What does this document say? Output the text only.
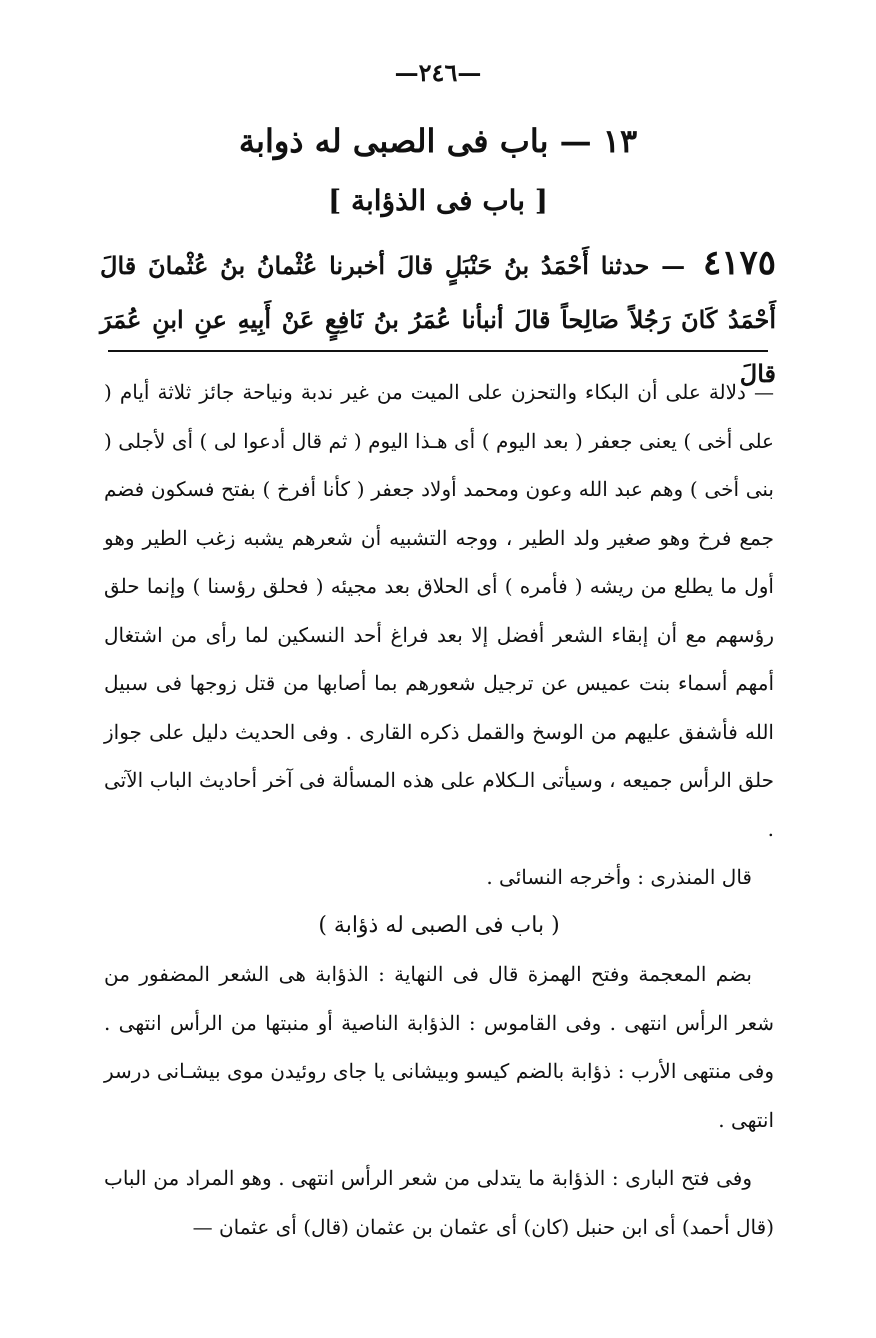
—٢٤٦—
١٣ — باب فى الصبى له ذوابة
[ باب فى الذؤابة ]
٤١٧٥ — حدثنا أَحْمَدُ بنُ حَنْبَلٍ قالَ أخبرنا عُثْمانُ بنُ عُثْمانَ قالَ أَحْمَدُ كَانَ رَجُلاً صَالِحاً قالَ أنبأنا عُمَرُ بنُ نَافِعٍ عَنْ أَبِيهِ عنِ ابنِ عُمَرَ قالَ

— دلالة على أن البكاء والتحزن على الميت من غير ندبة ونياحة جائز ثلاثة أيام ( على أخى ) يعنى جعفر ( بعد اليوم ) أى هـذا اليوم ( ثم قال أدعوا لى ) أى لأجلى ( بنى أخى ) وهم عبد الله وعون ومحمد أولاد جعفر ( كأنا أفرخ ) بفتح فسكون فضم جمع فرخ وهو صغير ولد الطير ، ووجه التشبيه أن شعرهم يشبه زغب الطير وهو أول ما يطلع من ريشه ( فأمره ) أى الحلاق بعد مجيئه ( فحلق رؤسنا ) وإنما حلق رؤسهم مع أن إبقاء الشعر أفضل إلا بعد فراغ أحد النسكين لما رأى من اشتغال أمهم أسماء بنت عميس عن ترجيل شعورهم بما أصابها من قتل زوجها فى سبيل الله فأشفق عليهم من الوسخ والقمل ذكره القارى . وفى الحديث دليل على جواز حلق الرأس جميعه ، وسيأتى الـكلام على هذه المسألة فى آخر أحاديث الباب الآتى .

قال المنذرى : وأخرجه النسائى .

( باب فى الصبى له ذؤابة )

بضم المعجمة وفتح الهمزة قال فى النهاية : الذؤابة هى الشعر المضفور من شعر الرأس انتهى . وفى القاموس : الذؤابة الناصية أو منبتها من الرأس انتهى . وفى منتهى الأرب : ذؤابة بالضم كيسو وبيشانى يا جاى روئيدن موى بيشـانى درسر انتهى .

وفى فتح البارى : الذؤابة ما يتدلى من شعر الرأس انتهى . وهو المراد من الباب (قال أحمد) أى ابن حنبل (كان) أى عثمان بن عثمان (قال) أى عثمان —
